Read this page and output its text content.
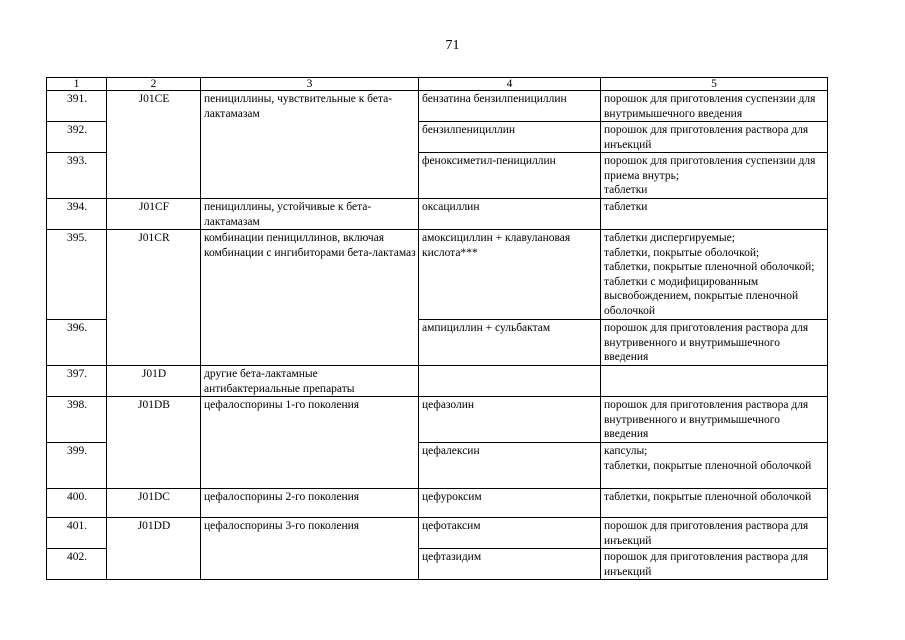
71
1	2	3	4	5
391.	J01CE	пенициллины, чувствительные к бета-лактамазам	бензатина бензилпенициллин	порошок для приготовления суспензии для внутримышечного введения
392.			бензилпенициллин	порошок для приготовления раствора для инъекций
393.			феноксиметил-пенициллин	порошок для приготовления суспензии для приема внутрь;
таблетки

394.	J01CF	пенициллины, устойчивые к бета-лактамазам	оксациллин	таблетки
395.	J01CR	комбинации пенициллинов, включая комбинации с ингибиторами бета-лактамаз	амоксициллин + клавулановая кислота***	таблетки диспергируемые;
таблетки, покрытые оболочкой;
таблетки, покрытые пленочной оболочкой; таблетки с модифицированным высвобождением, покрытые пленочной оболочкой

396.			ампициллин + сульбактам	порошок для приготовления раствора для внутривенного и внутримышечного введения
397.	J01D	другие бета-лактамные антибактериальные препараты		
398.	J01DB	цефалоспорины 1-го поколения	цефазолин	порошок для приготовления раствора для внутривенного и внутримышечного введения
399.			цефалексин	капсулы;
таблетки, покрытые пленочной оболочкой

400.	J01DC	цефалоспорины 2-го поколения	цефуроксим	таблетки, покрытые пленочной оболочкой
401.	J01DD	цефалоспорины 3-го поколения	цефотаксим	порошок для приготовления раствора для инъекций
402.			цефтазидим	порошок для приготовления раствора для инъекций
